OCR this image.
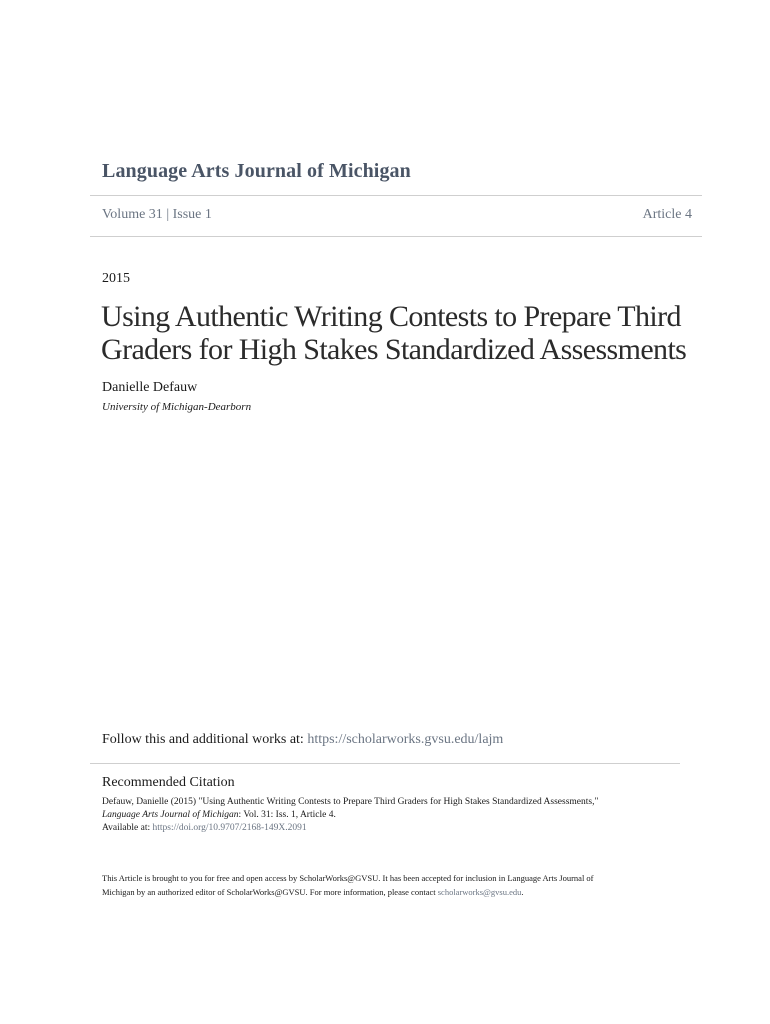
Language Arts Journal of Michigan
Volume 31 | Issue 1	Article 4
2015
Using Authentic Writing Contests to Prepare Third
Graders for High Stakes Standardized Assessments
Danielle Defauw
University of Michigan-Dearborn
Follow this and additional works at: https://scholarworks.gvsu.edu/lajm
Recommended Citation
Defauw, Danielle (2015) "Using Authentic Writing Contests to Prepare Third Graders for High Stakes Standardized Assessments,"
Language Arts Journal of Michigan: Vol. 31: Iss. 1, Article 4.
Available at: https://doi.org/10.9707/2168-149X.2091
This Article is brought to you for free and open access by ScholarWorks@GVSU. It has been accepted for inclusion in Language Arts Journal of
Michigan by an authorized editor of ScholarWorks@GVSU. For more information, please contact scholarworks@gvsu.edu.
